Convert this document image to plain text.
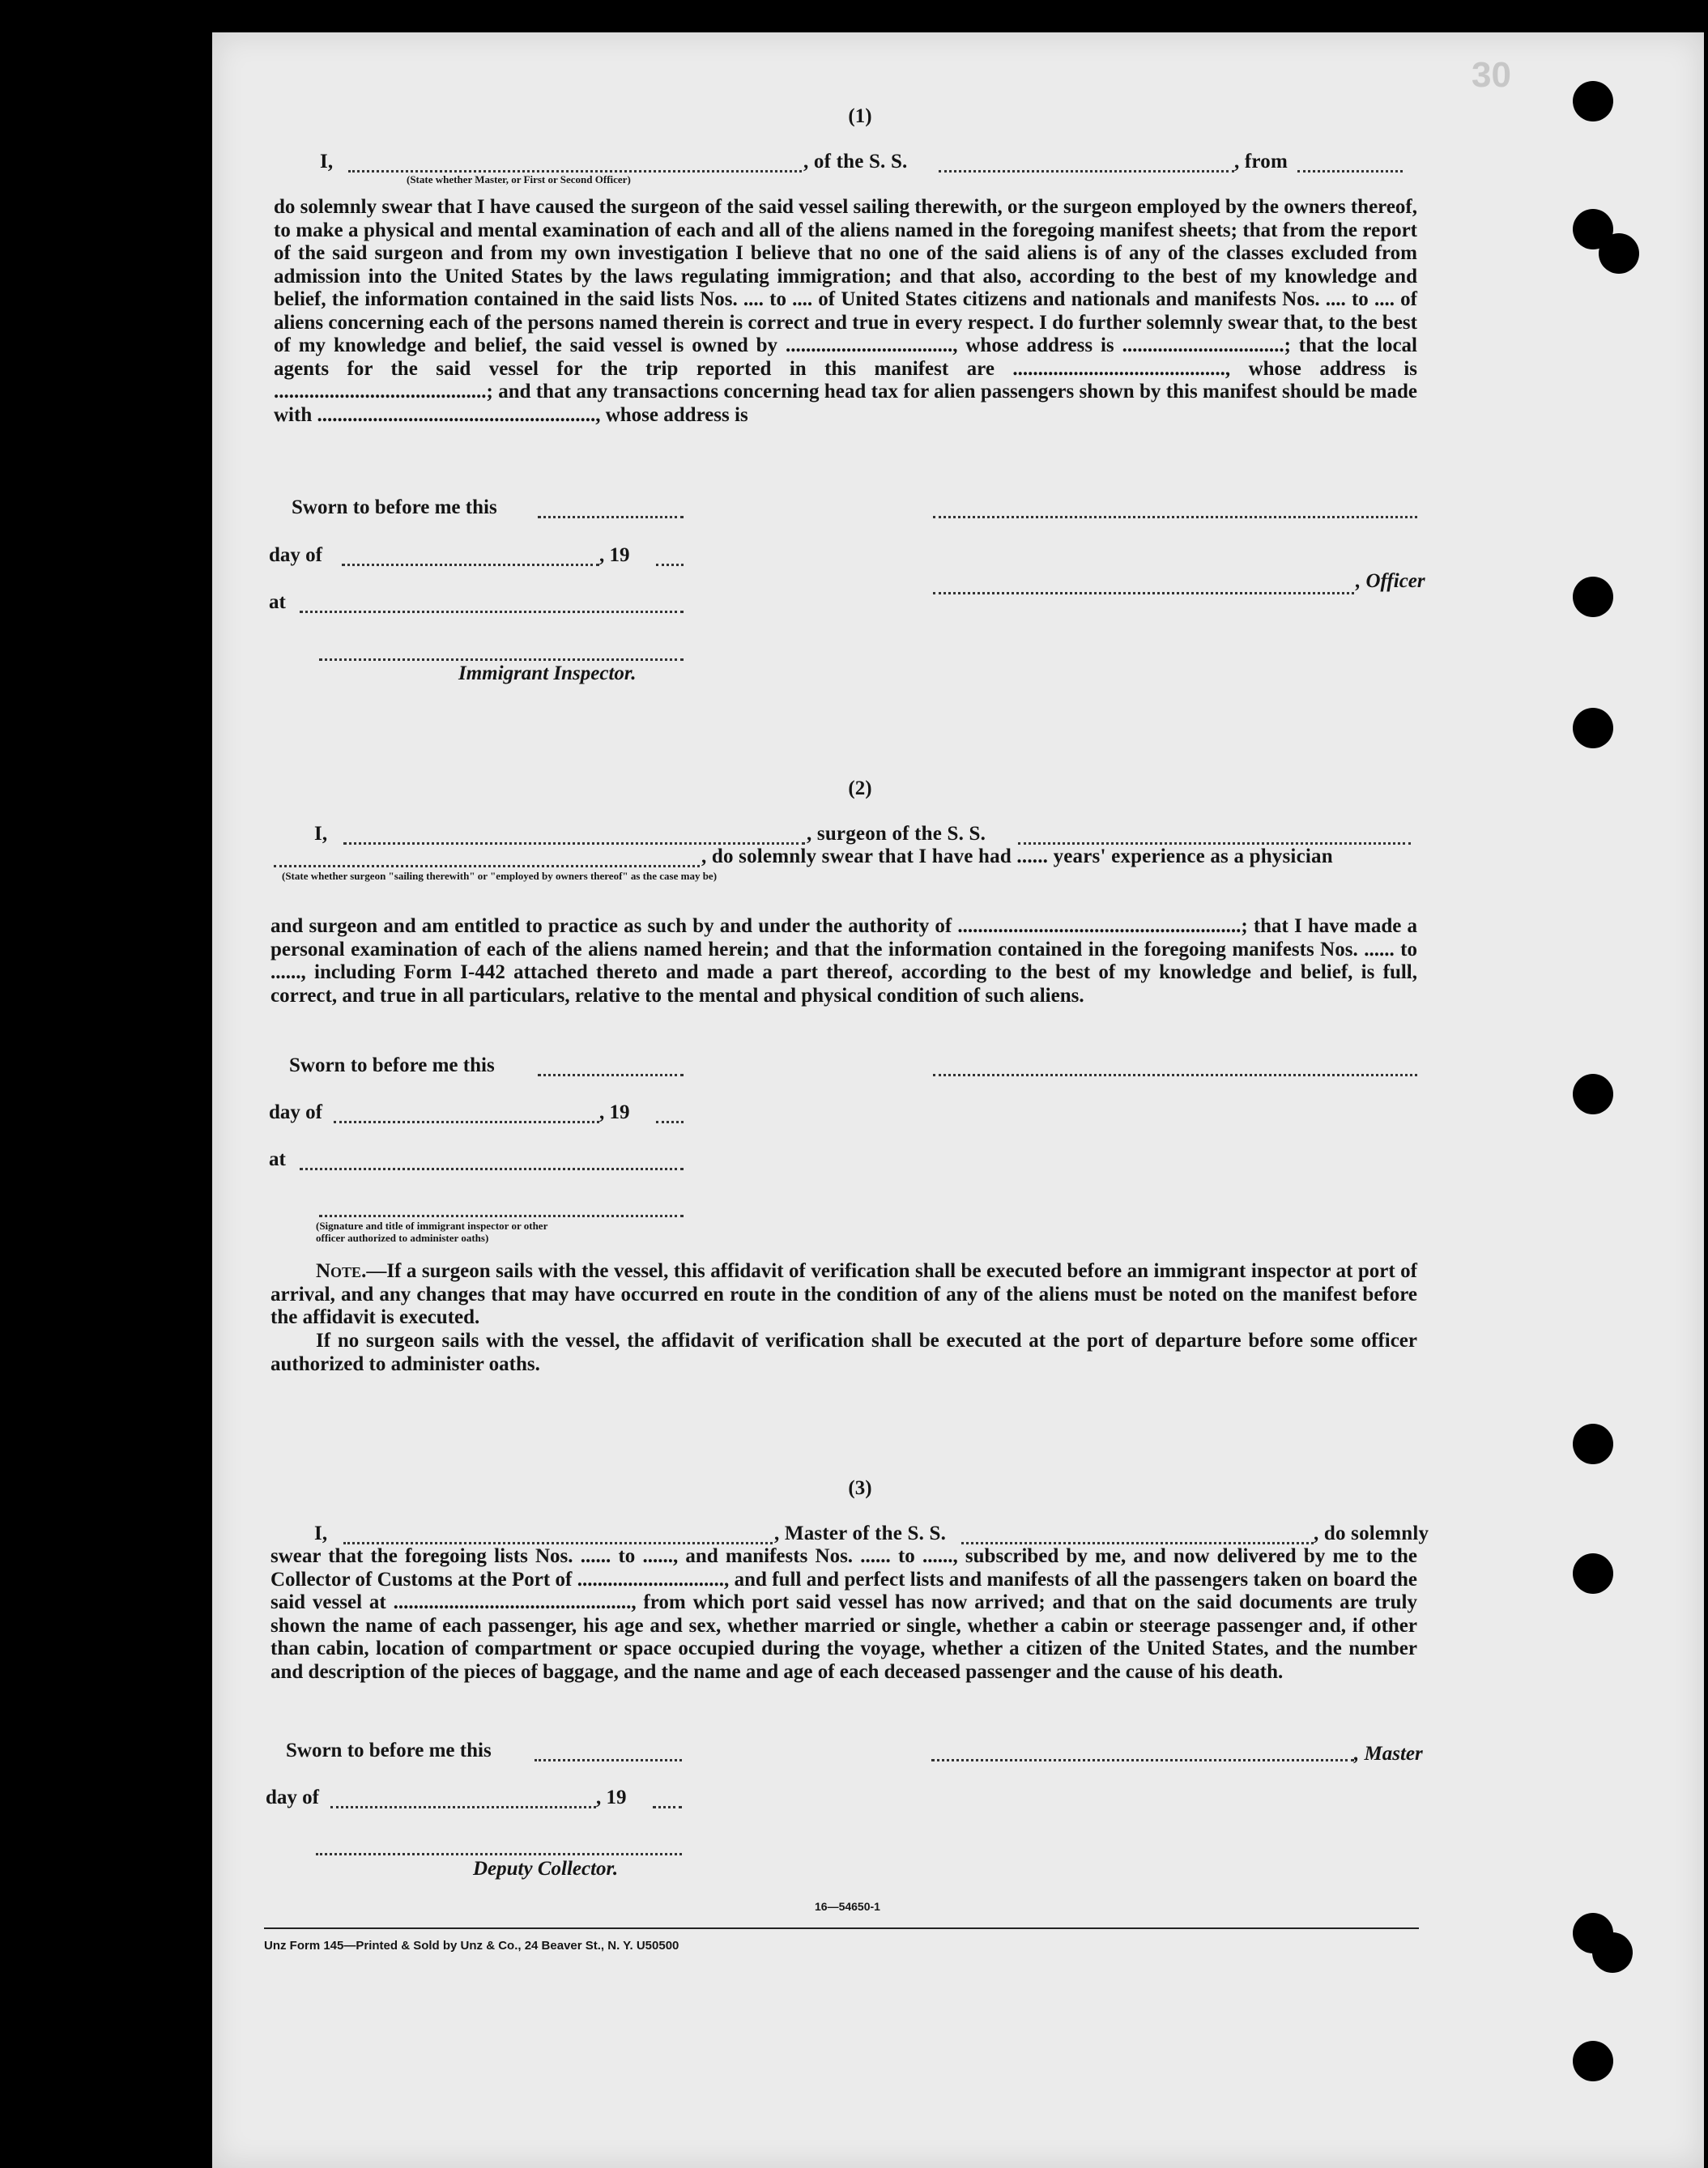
30
(1)
I,	, of the S. S.	, from
(State whether Master, or First or Second Officer)
do solemnly swear that I have caused the surgeon of the said vessel sailing therewith, or the surgeon employed by the owners thereof, to make a physical and mental examination of each and all of the aliens named in the foregoing manifest sheets; that from the report of the said surgeon and from my own investigation I believe that no one of the said aliens is of any of the classes excluded from admission into the United States by the laws regulating immigration; and that also, according to the best of my knowledge and belief, the information contained in the said lists Nos. .... to .... of United States citizens and nationals and manifests Nos. .... to .... of aliens concerning each of the persons named therein is correct and true in every respect. I do further solemnly swear that, to the best of my knowledge and belief, the said vessel is owned by ................................., whose address is ................................; that the local agents for the said vessel for the trip reported in this manifest are .........................................., whose address is ..........................................; and that any transactions concerning head tax for alien passengers shown by this manifest should be made with ......................................................., whose address is
Sworn to before me this
day of	, 19
at
Immigrant Inspector.
, Officer
(2)
I,	, surgeon of the S. S.
, do solemnly swear that I have had ...... years' experience as a physician
(State whether surgeon "sailing therewith" or "employed by owners thereof" as the case may be)
and surgeon and am entitled to practice as such by and under the authority of ........................................................; that I have made a personal examination of each of the aliens named herein; and that the information contained in the foregoing manifests Nos. ...... to ......, including Form I-442 attached thereto and made a part thereof, according to the best of my knowledge and belief, is full, correct, and true in all particulars, relative to the mental and physical condition of such aliens.
Sworn to before me this
day of	, 19
at
(Signature and title of immigrant inspector or other officer authorized to administer oaths)
Note.—If a surgeon sails with the vessel, this affidavit of verification shall be executed before an immigrant inspector at port of arrival, and any changes that may have occurred en route in the condition of any of the aliens must be noted on the manifest before the affidavit is executed.
If no surgeon sails with the vessel, the affidavit of verification shall be executed at the port of departure before some officer authorized to administer oaths.
(3)
I,	, Master of the S. S.	, do solemnly
swear that the foregoing lists Nos. ...... to ......, and manifests Nos. ...... to ......, subscribed by me, and now delivered by me to the Collector of Customs at the Port of ............................., and full and perfect lists and manifests of all the passengers taken on board the said vessel at ..............................................., from which port said vessel has now arrived; and that on the said documents are truly shown the name of each passenger, his age and sex, whether married or single, whether a cabin or steerage passenger and, if other than cabin, location of compartment or space occupied during the voyage, whether a citizen of the United States, and the number and description of the pieces of baggage, and the name and age of each deceased passenger and the cause of his death.
Sworn to before me this
day of	, 19
Deputy Collector.
, Master
16—54650-1
Unz Form 145—Printed & Sold by Unz & Co., 24 Beaver St., N. Y. U50500
